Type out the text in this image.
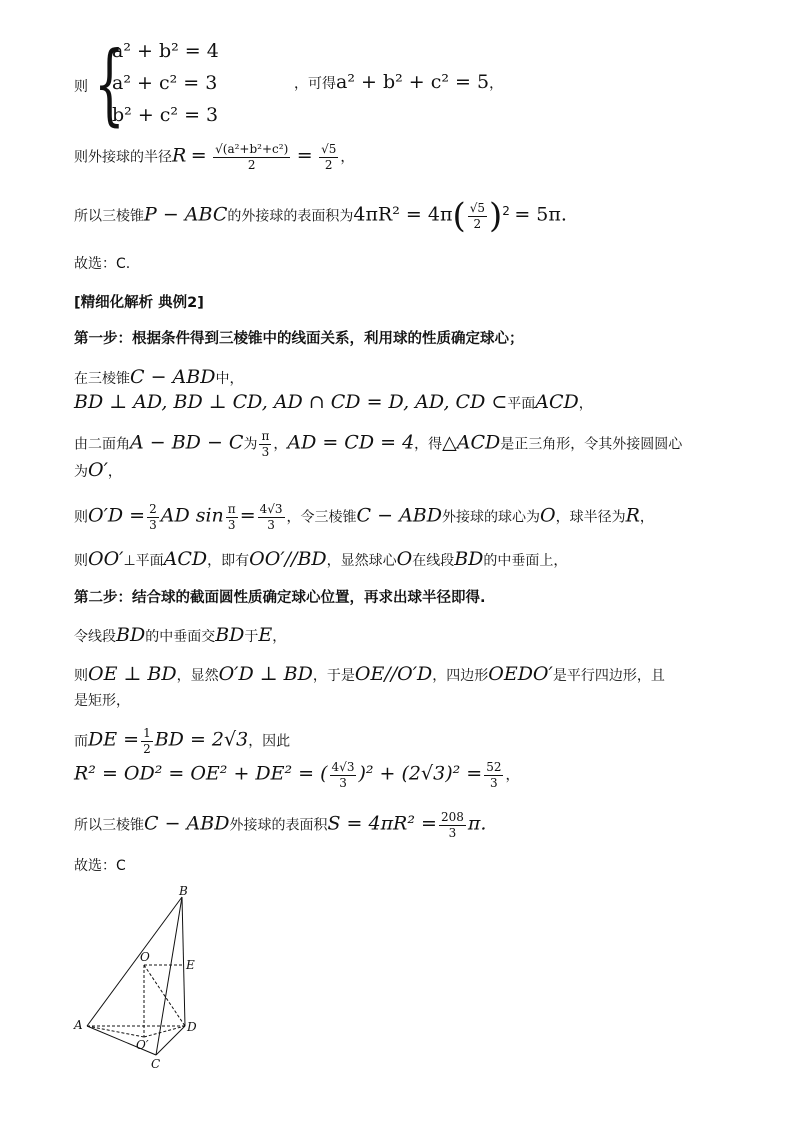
则 {
a² + b² = 4
a² + c² = 3
b² + c² = 3
，可得a² + b² + c² = 5，
则外接球的半径$R = \frac{\text{√(a²+b²+c²)}}{2} = \frac{√5}{2}$ ，
所以三棱锥P − ABC的外接球的表面积为$4\pi R^2 = 4\pi( \frac{√5}{2} )^2 = 5\pi$.
故选：C.
[精细化解析 典例2]
第一步：根据条件得到三棱锥中的线面关系，利用球的性质确定球心；
在三棱锥C − ABD中，
BD ⊥ AD, BD ⊥ CD, AD ∩ CD = D, AD, CD ⊂平面ACD，
由二面角A − BD − C为 $\frac{\pi}{3}$ ，AD = CD = 4，得△ACD是正三角形，令其外接圆圆心
为O′，
则$O'D = \frac{2}{3}$ AD $\sin \frac{\pi}{3} = \frac{4√3}{3}$ ，令三棱锥C − ABD外接球的球心为O，球半径为R，
则OO′⊥平面ACD，即有OO′//BD，显然球心O在线段BD的中垂面上，
第二步：结合球的截面圆性质确定球心位置，再求出球半径即得.
令线段BD的中垂面交BD于E，
则OE ⊥ BD，显然O′D ⊥ BD，于是OE//O′D，四边形OEDO′是平行四边形，且
是矩形，
而DE = $\frac{1}{2}$ BD = 2√3，因此
R² = OD² = OE² + DE² = ( $\frac{4√3}{3} )^2 + (2√3)^2 = \frac{52}{3}$ ，
所以三棱锥C − ABD外接球的表面积$S = 4\pi R^2 = \frac{208}{3} \pi$.
故选：C
B
O
E
A	D
O′
C
